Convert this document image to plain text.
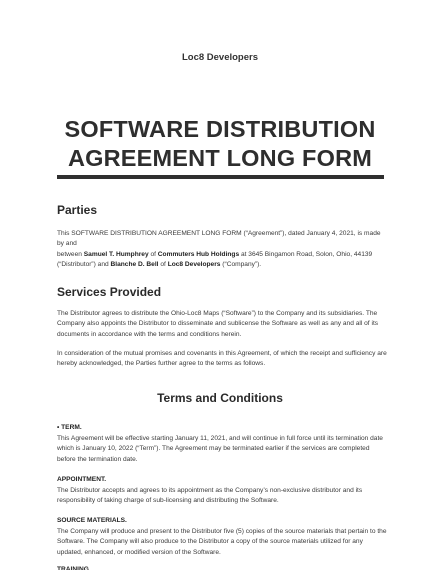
Loc8 Developers
SOFTWARE DISTRIBUTION
AGREEMENT LONG FORM
Parties
This SOFTWARE DISTRIBUTION AGREEMENT LONG FORM (“Agreement”), dated January 4, 2021, is made by and
between Samuel T. Humphrey of Commuters Hub Holdings at 3645 Bingamon Road, Solon, Ohio, 44139
(“Distributor”) and Blanche D. Bell of Loc8 Developers (“Company”).
Services Provided
The Distributor agrees to distribute the Ohio-Loc8 Maps (“Software”) to the Company and its subsidiaries. The Company also appoints the Distributor to disseminate and sublicense the Software as well as any and all of its documents in accordance with the terms and conditions herein.
In consideration of the mutual promises and covenants in this Agreement, of which the receipt and sufficiency are hereby acknowledged, the Parties further agree to the terms as follows.
Terms and Conditions
• TERM.
This Agreement will be effective starting January 11, 2021, and will continue in full force until its termination date which is January 10, 2022 (“Term”). The Agreement may be terminated earlier if the services are completed before the termination date.
APPOINTMENT.
The Distributor accepts and agrees to its appointment as the Company’s non-exclusive distributor and its responsibility of taking charge of sub-licensing and distributing the Software.
SOURCE MATERIALS.
The Company will produce and present to the Distributor five (5) copies of the source materials that pertain to the Software. The Company will also produce to the Distributor a copy of the source materials utilized for any updated, enhanced, or modified version of the Software.
TRAINING
